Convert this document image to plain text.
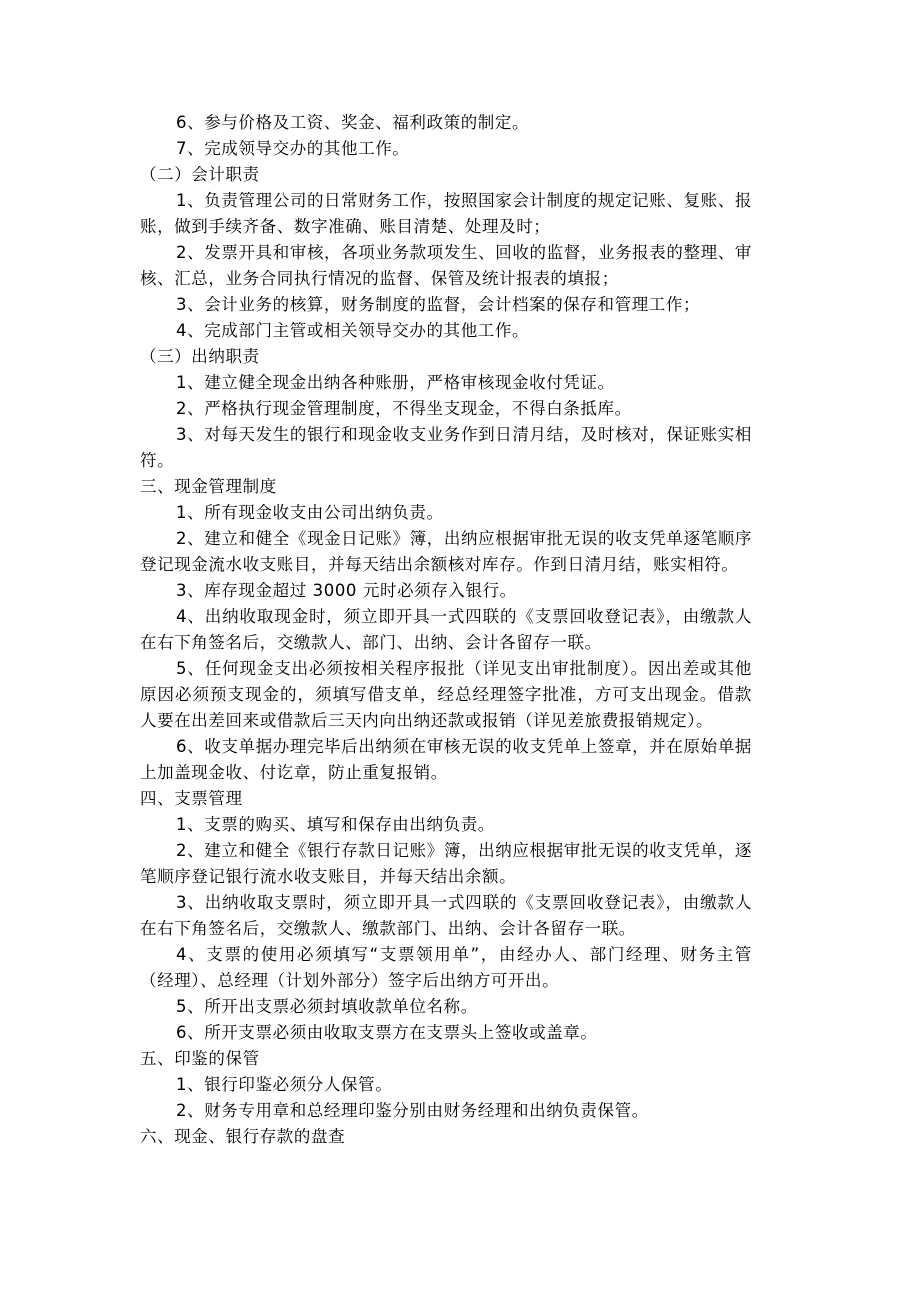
6、参与价格及工资、奖金、福利政策的制定。

7、完成领导交办的其他工作。

（二）会计职责

1、负责管理公司的日常财务工作，按照国家会计制度的规定记账、复账、报账，做到手续齐备、数字准确、账目清楚、处理及时；

2、发票开具和审核，各项业务款项发生、回收的监督，业务报表的整理、审核、汇总，业务合同执行情况的监督、保管及统计报表的填报；

3、会计业务的核算，财务制度的监督，会计档案的保存和管理工作；

4、完成部门主管或相关领导交办的其他工作。

（三）出纳职责

1、建立健全现金出纳各种账册，严格审核现金收付凭证。

2、严格执行现金管理制度，不得坐支现金，不得白条抵库。

3、对每天发生的银行和现金收支业务作到日清月结，及时核对，保证账实相符。

三、现金管理制度

1、所有现金收支由公司出纳负责。

2、建立和健全《现金日记账》簿，出纳应根据审批无误的收支凭单逐笔顺序登记现金流水收支账目，并每天结出余额核对库存。作到日清月结，账实相符。

3、库存现金超过 3000 元时必须存入银行。

4、出纳收取现金时，须立即开具一式四联的《支票回收登记表》，由缴款人在右下角签名后，交缴款人、部门、出纳、会计各留存一联。

5、任何现金支出必须按相关程序报批（详见支出审批制度）。因出差或其他原因必须预支现金的，须填写借支单，经总经理签字批准，方可支出现金。借款人要在出差回来或借款后三天内向出纳还款或报销（详见差旅费报销规定）。

6、收支单据办理完毕后出纳须在审核无误的收支凭单上签章，并在原始单据上加盖现金收、付讫章，防止重复报销。

四、支票管理

1、支票的购买、填写和保存由出纳负责。

2、建立和健全《银行存款日记账》簿，出纳应根据审批无误的收支凭单，逐笔顺序登记银行流水收支账目，并每天结出余额。

3、出纳收取支票时，须立即开具一式四联的《支票回收登记表》，由缴款人在右下角签名后，交缴款人、缴款部门、出纳、会计各留存一联。

4、支票的使用必须填写“支票领用单”，由经办人、部门经理、财务主管（经理）、总经理（计划外部分）签字后出纳方可开出。

5、所开出支票必须封填收款单位名称。

6、所开支票必须由收取支票方在支票头上签收或盖章。

五、印鉴的保管

1、银行印鉴必须分人保管。

2、财务专用章和总经理印鉴分别由财务经理和出纳负责保管。

六、现金、银行存款的盘查
